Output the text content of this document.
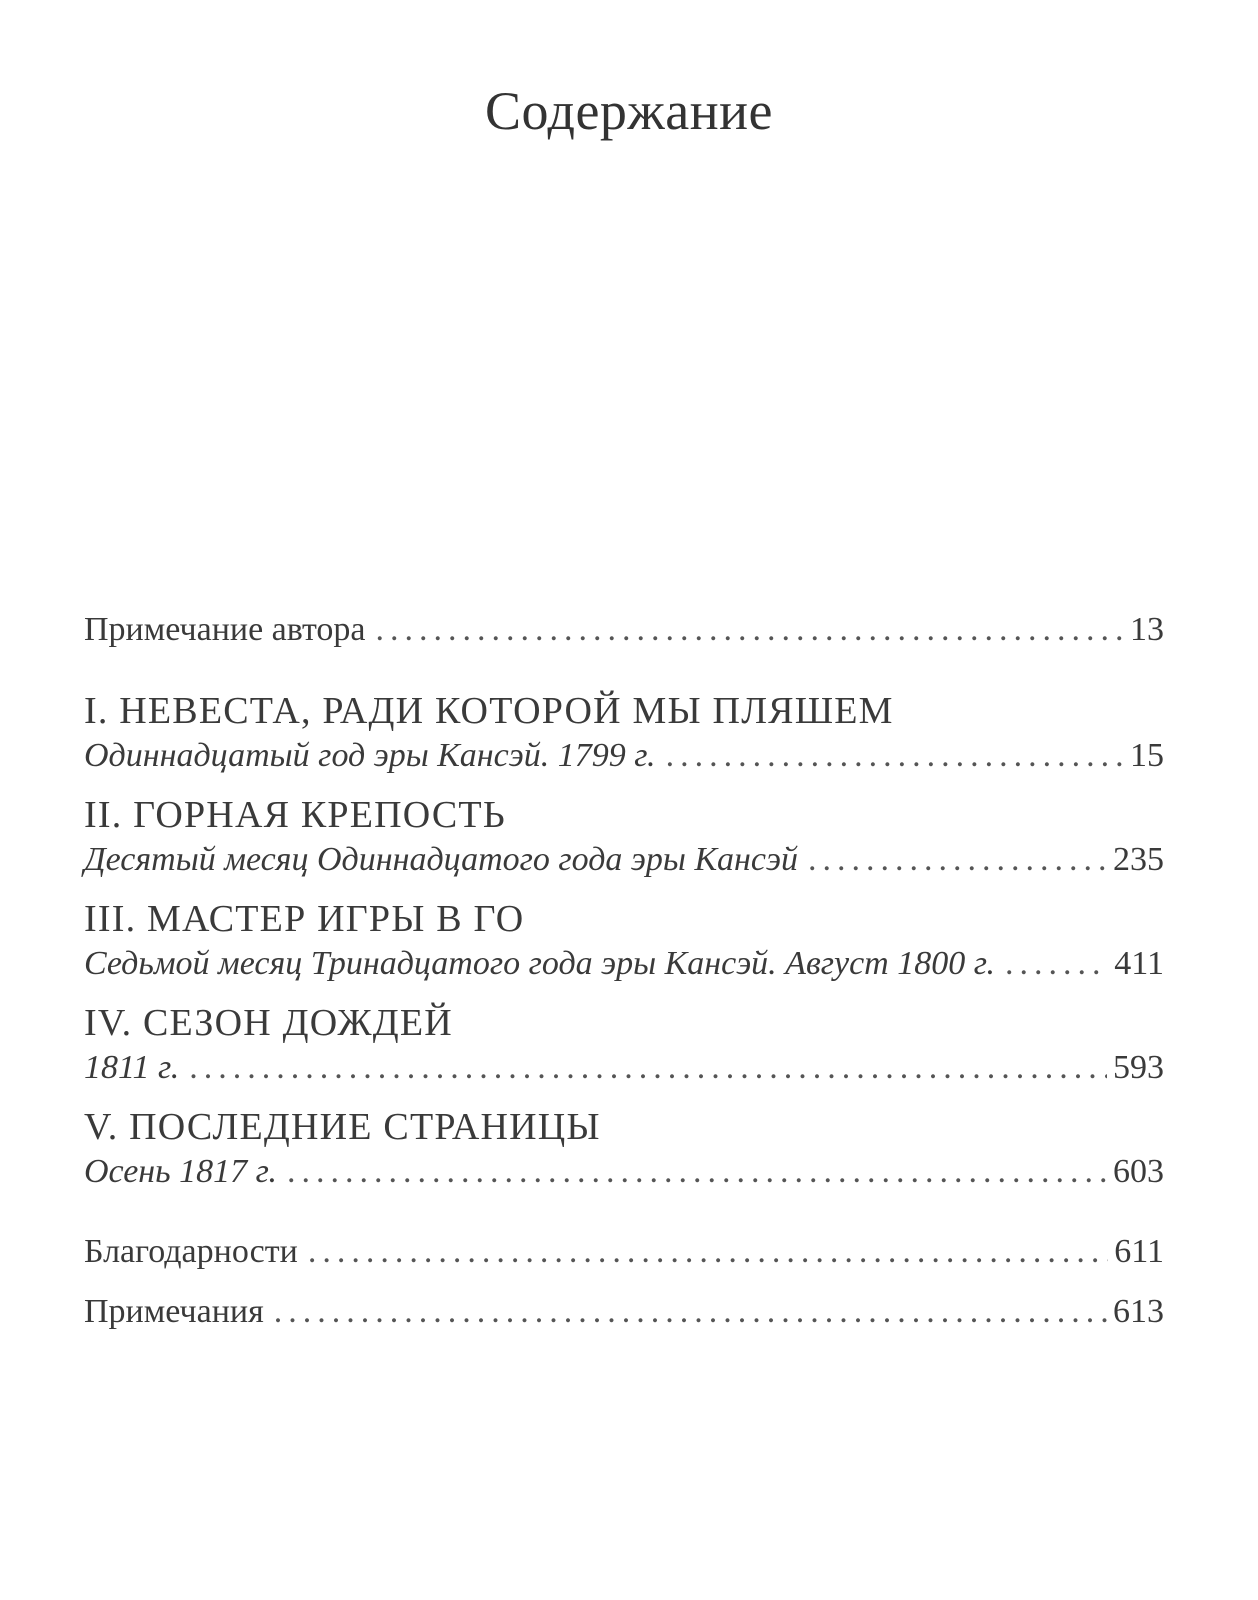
Содержание
Примечание автора .....	13
I. НЕВЕСТА, РАДИ КОТОРОЙ МЫ ПЛЯШЕМ
Одиннадцатый год эры Кансэй. 1799 г. .....	15
II. ГОРНАЯ КРЕПОСТЬ
Десятый месяц Одиннадцатого года эры Кансэй .....	235
III. МАСТЕР ИГРЫ В ГО
Седьмой месяц Тринадцатого года эры Кансэй. Август 1800 г. .....	411
IV. СЕЗОН ДОЖДЕЙ
1811 г. .....	593
V. ПОСЛЕДНИЕ СТРАНИЦЫ
Осень 1817 г. .....	603
Благодарности .....	611
Примечания .....	613
